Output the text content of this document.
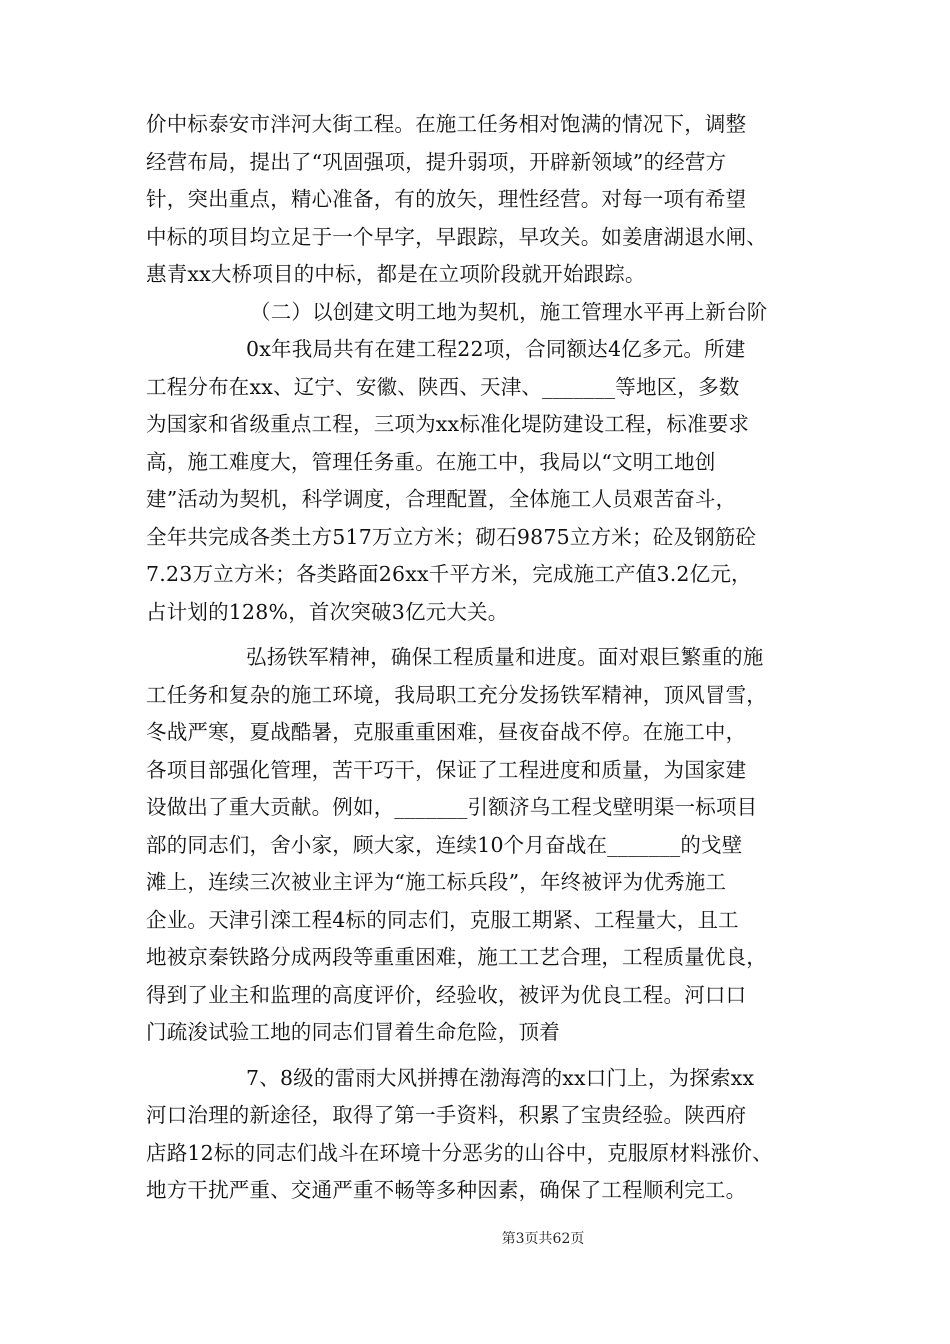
价中标泰安市泮河大街工程。在施工任务相对饱满的情况下，调整
经营布局，提出了“巩固强项，提升弱项，开辟新领域”的经营方
针，突出重点，精心准备，有的放矢，理性经营。对每一项有希望
中标的项目均立足于一个早字，早跟踪，早攻关。如姜唐湖退水闸、
惠青xx大桥项目的中标，都是在立项阶段就开始跟踪。
（二）以创建文明工地为契机，施工管理水平再上新台阶
0x年我局共有在建工程22项，合同额达4亿多元。所建
工程分布在xx、辽宁、安徽、陕西、天津、_______等地区，多数
为国家和省级重点工程，三项为xx标准化堤防建设工程，标准要求
高，施工难度大，管理任务重。在施工中，我局以“文明工地创
建”活动为契机，科学调度，合理配置，全体施工人员艰苦奋斗，
全年共完成各类土方517万立方米；砌石9875立方米；砼及钢筋砼
7.23万立方米；各类路面26xx千平方米，完成施工产值3.2亿元，
占计划的128%，首次突破3亿元大关。
弘扬铁军精神，确保工程质量和进度。面对艰巨繁重的施
工任务和复杂的施工环境，我局职工充分发扬铁军精神，顶风冒雪，
冬战严寒，夏战酷暑，克服重重困难，昼夜奋战不停。在施工中，
各项目部强化管理，苦干巧干，保证了工程进度和质量，为国家建
设做出了重大贡献。例如，_______引额济乌工程戈壁明渠一标项目
部的同志们，舍小家，顾大家，连续10个月奋战在_______的戈壁
滩上，连续三次被业主评为“施工标兵段”，年终被评为优秀施工
企业。天津引滦工程4标的同志们，克服工期紧、工程量大，且工
地被京秦铁路分成两段等重重困难，施工工艺合理，工程质量优良，
得到了业主和监理的高度评价，经验收，被评为优良工程。河口口
门疏浚试验工地的同志们冒着生命危险，顶着
7、8级的雷雨大风拼搏在渤海湾的xx口门上，为探索xx
河口治理的新途径，取得了第一手资料，积累了宝贵经验。陕西府
店路12标的同志们战斗在环境十分恶劣的山谷中，克服原材料涨价、
地方干扰严重、交通严重不畅等多种因素，确保了工程顺利完工。
第3页共62页
